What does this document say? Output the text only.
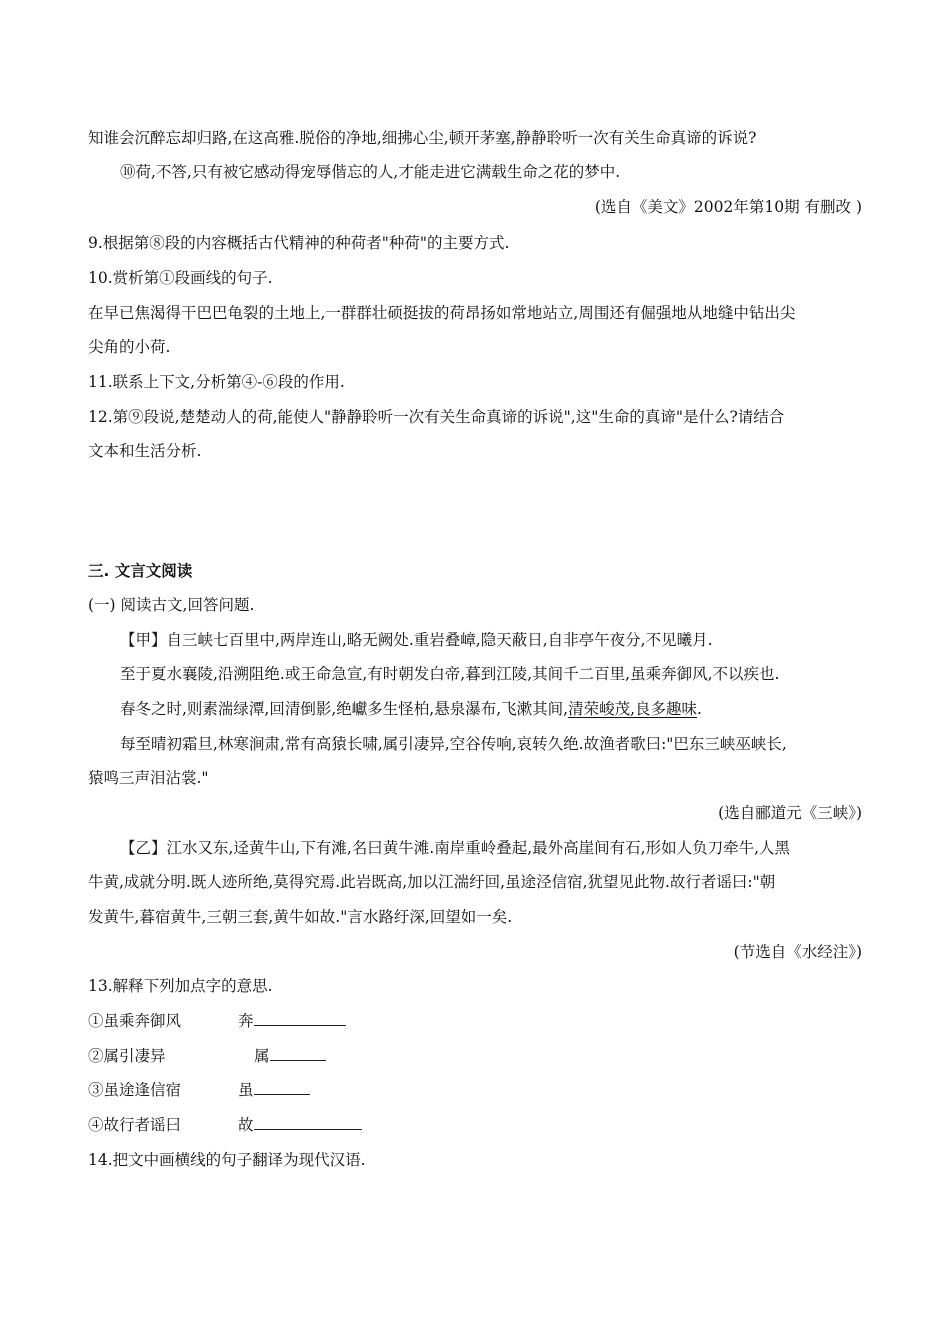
知谁会沉醉忘却归路,在这高雅.脱俗的净地,细拂心尘,顿开茅塞,静静聆听一次有关生命真谛的诉说?
⑩荷,不答,只有被它感动得宠辱偕忘的人,才能走进它满载生命之花的梦中.
(选自《美文》2002年第10期 有删改 )
9.根据第⑧段的内容概括古代精神的种荷者"种荷"的主要方式.
10.赏析第①段画线的句子.
在早已焦渴得干巴巴龟裂的土地上,一群群壮硕挺拔的荷昂扬如常地站立,周围还有倔强地从地缝中钻出尖
尖角的小荷.
11.联系上下文,分析第④-⑥段的作用.
12.第⑨段说,楚楚动人的荷,能使人"静静聆听一次有关生命真谛的诉说",这"生命的真谛"是什么?请结合
文本和生活分析.
三. 文言文阅读
(一) 阅读古文,回答问题.
【甲】自三峡七百里中,两岸连山,略无阙处.重岩叠嶂,隐天蔽日,自非亭午夜分,不见曦月.
至于夏水襄陵,沿溯阻绝.或王命急宣,有时朝发白帝,暮到江陵,其间千二百里,虽乘奔御风,不以疾也.
春冬之时,则素湍绿潭,回清倒影,绝巘多生怪柏,悬泉瀑布,飞漱其间,清荣峻茂,良多趣味.
每至晴初霜旦,林寒涧肃,常有高猿长啸,属引凄异,空谷传响,哀转久绝.故渔者歌曰:"巴东三峡巫峡长,
猿鸣三声泪沾裳."
(选自郦道元《三峡》)
【乙】江水又东,迳黄牛山,下有滩,名曰黄牛滩.南岸重岭叠起,最外高崖间有石,形如人负刀牵牛,人黑
牛黄,成就分明.既人迹所绝,莫得究焉.此岩既高,加以江湍纡回,虽途泾信宿,犹望见此物.故行者谣曰:"朝
发黄牛,暮宿黄牛,三朝三套,黄牛如故."言水路纡深,回望如一矣.
(节选自《水经注》)
13.解释下列加点字的意思.
①虽乘奔御风	奔
②属引凄异	属
③虽途逢信宿	虽
④故行者谣曰	故
14.把文中画横线的句子翻译为现代汉语.
